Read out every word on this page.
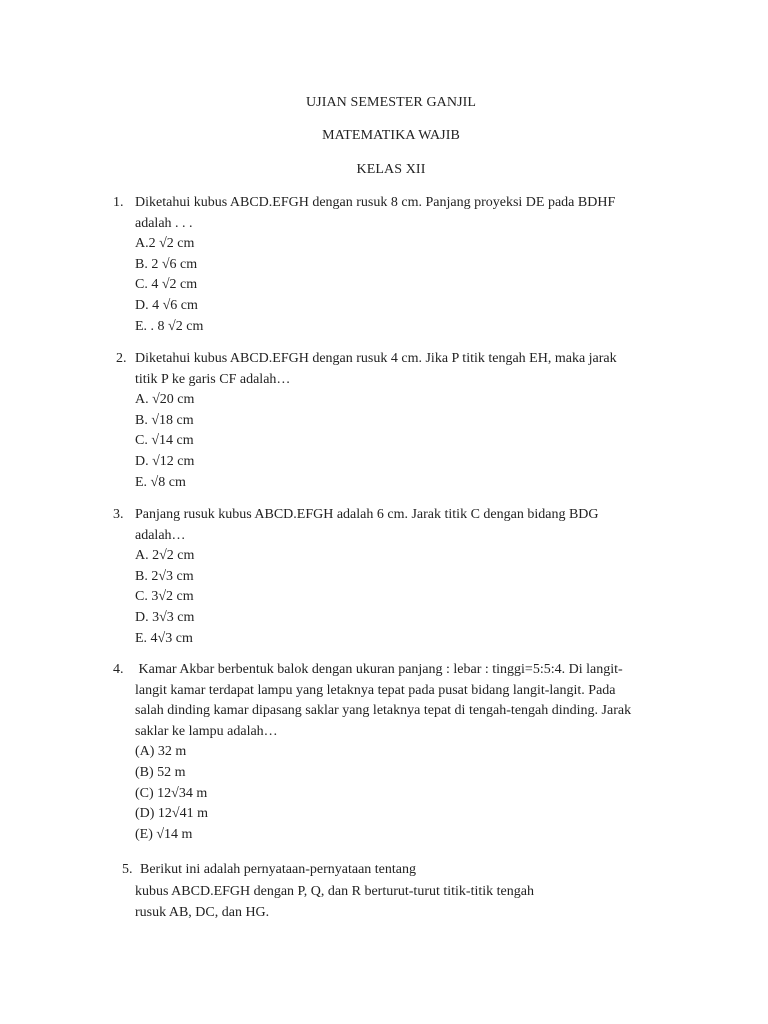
UJIAN SEMESTER GANJIL
MATEMATIKA WAJIB
KELAS XII
1. Diketahui kubus ABCD.EFGH dengan rusuk 8 cm. Panjang proyeksi DE pada BDHF
adalah . . .
A.2 √2 cm
B. 2 √6 cm
C. 4 √2 cm
D. 4 √6 cm
E. . 8 √2 cm
2. Diketahui kubus ABCD.EFGH dengan rusuk 4 cm. Jika P titik tengah EH, maka jarak
titik P ke garis CF adalah…
A. √20 cm
B. √18 cm
C. √14 cm
D. √12 cm
E. √8 cm
3. Panjang rusuk kubus ABCD.EFGH adalah 6 cm. Jarak titik C dengan bidang BDG
adalah…
A. 2√2 cm
B. 2√3 cm
C. 3√2 cm
D. 3√3 cm
E. 4√3 cm
4. Kamar Akbar berbentuk balok dengan ukuran panjang : lebar : tinggi=5:5:4. Di langit-
langit kamar terdapat lampu yang letaknya tepat pada pusat bidang langit-langit. Pada
salah dinding kamar dipasang saklar yang letaknya tepat di tengah-tengah dinding. Jarak
saklar ke lampu adalah…
(A) 32 m
(B) 52 m
(C) 12√34 m
(D) 12√41 m
(E) √14 m
5. Berikut ini adalah pernyataan-pernyataan tentang
kubus ABCD.EFGH dengan P, Q, dan R berturut-turut titik-titik tengah
rusuk AB, DC, dan HG.
